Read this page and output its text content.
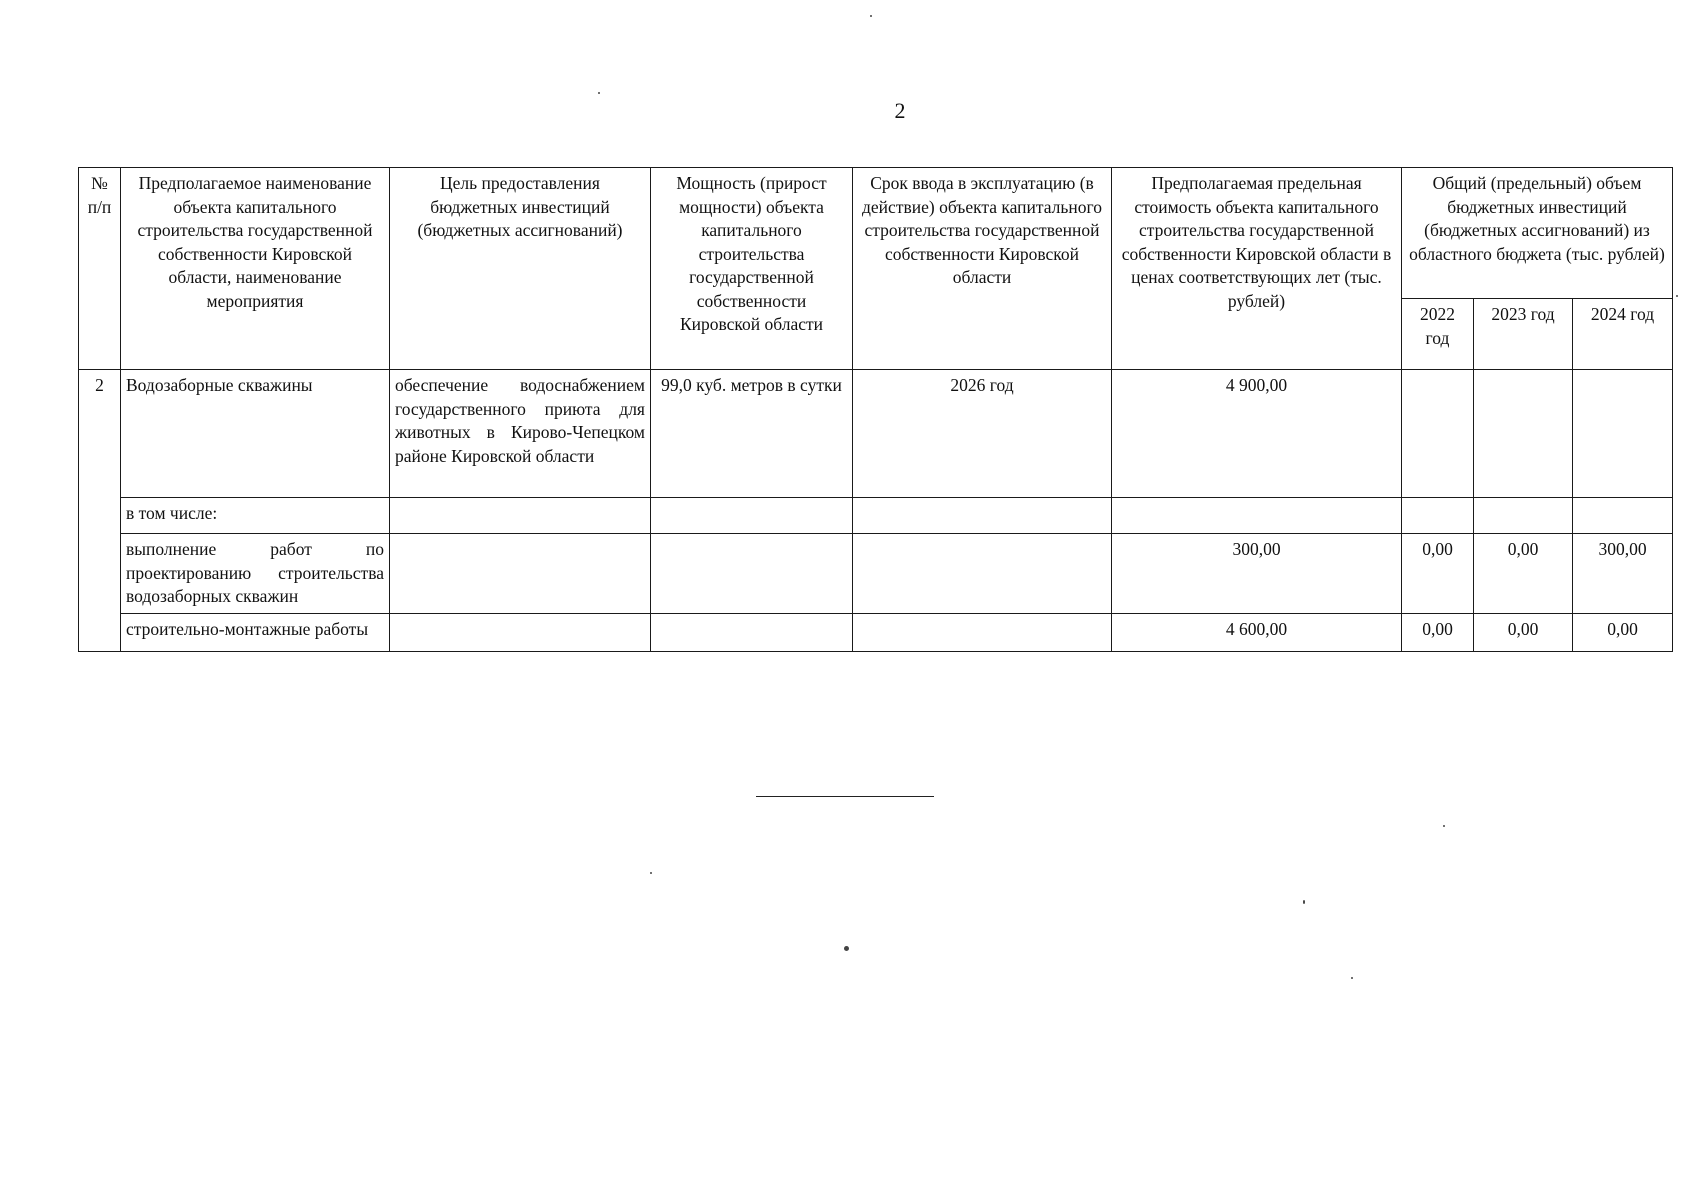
2
№ п/п	Предполагаемое наименование объекта капитального строительства государственной собственности Кировской области, наименование мероприятия	Цель предоставления бюджетных инвестиций (бюджетных ассигнований)	Мощность (прирост мощности) объекта капитального строительства государственной собственности Кировской области	Срок ввода в эксплуатацию (в действие) объекта капитального строительства государственной собственности Кировской области	Предполагаемая предельная стоимость объекта капитального строительства государственной собственности Кировской области в ценах соответствующих лет (тыс. рублей)	Общий (предельный) объем бюджетных инвестиций (бюджетных ассигнований) из областного бюджета (тыс. рублей)		
						2022 год	2023 год	2024 год
2	Водозаборные скважины	обеспечение водоснабжением государственного приюта для животных в Кирово-Чепецком районе Кировской области	99,0 куб. метров в сутки	2026 год	4 900,00			
	в том числе:							
	выполнение работ по проектированию строительства водозаборных скважин				300,00	0,00	0,00	300,00
	строительно-монтажные работы				4 600,00	0,00	0,00	0,00
